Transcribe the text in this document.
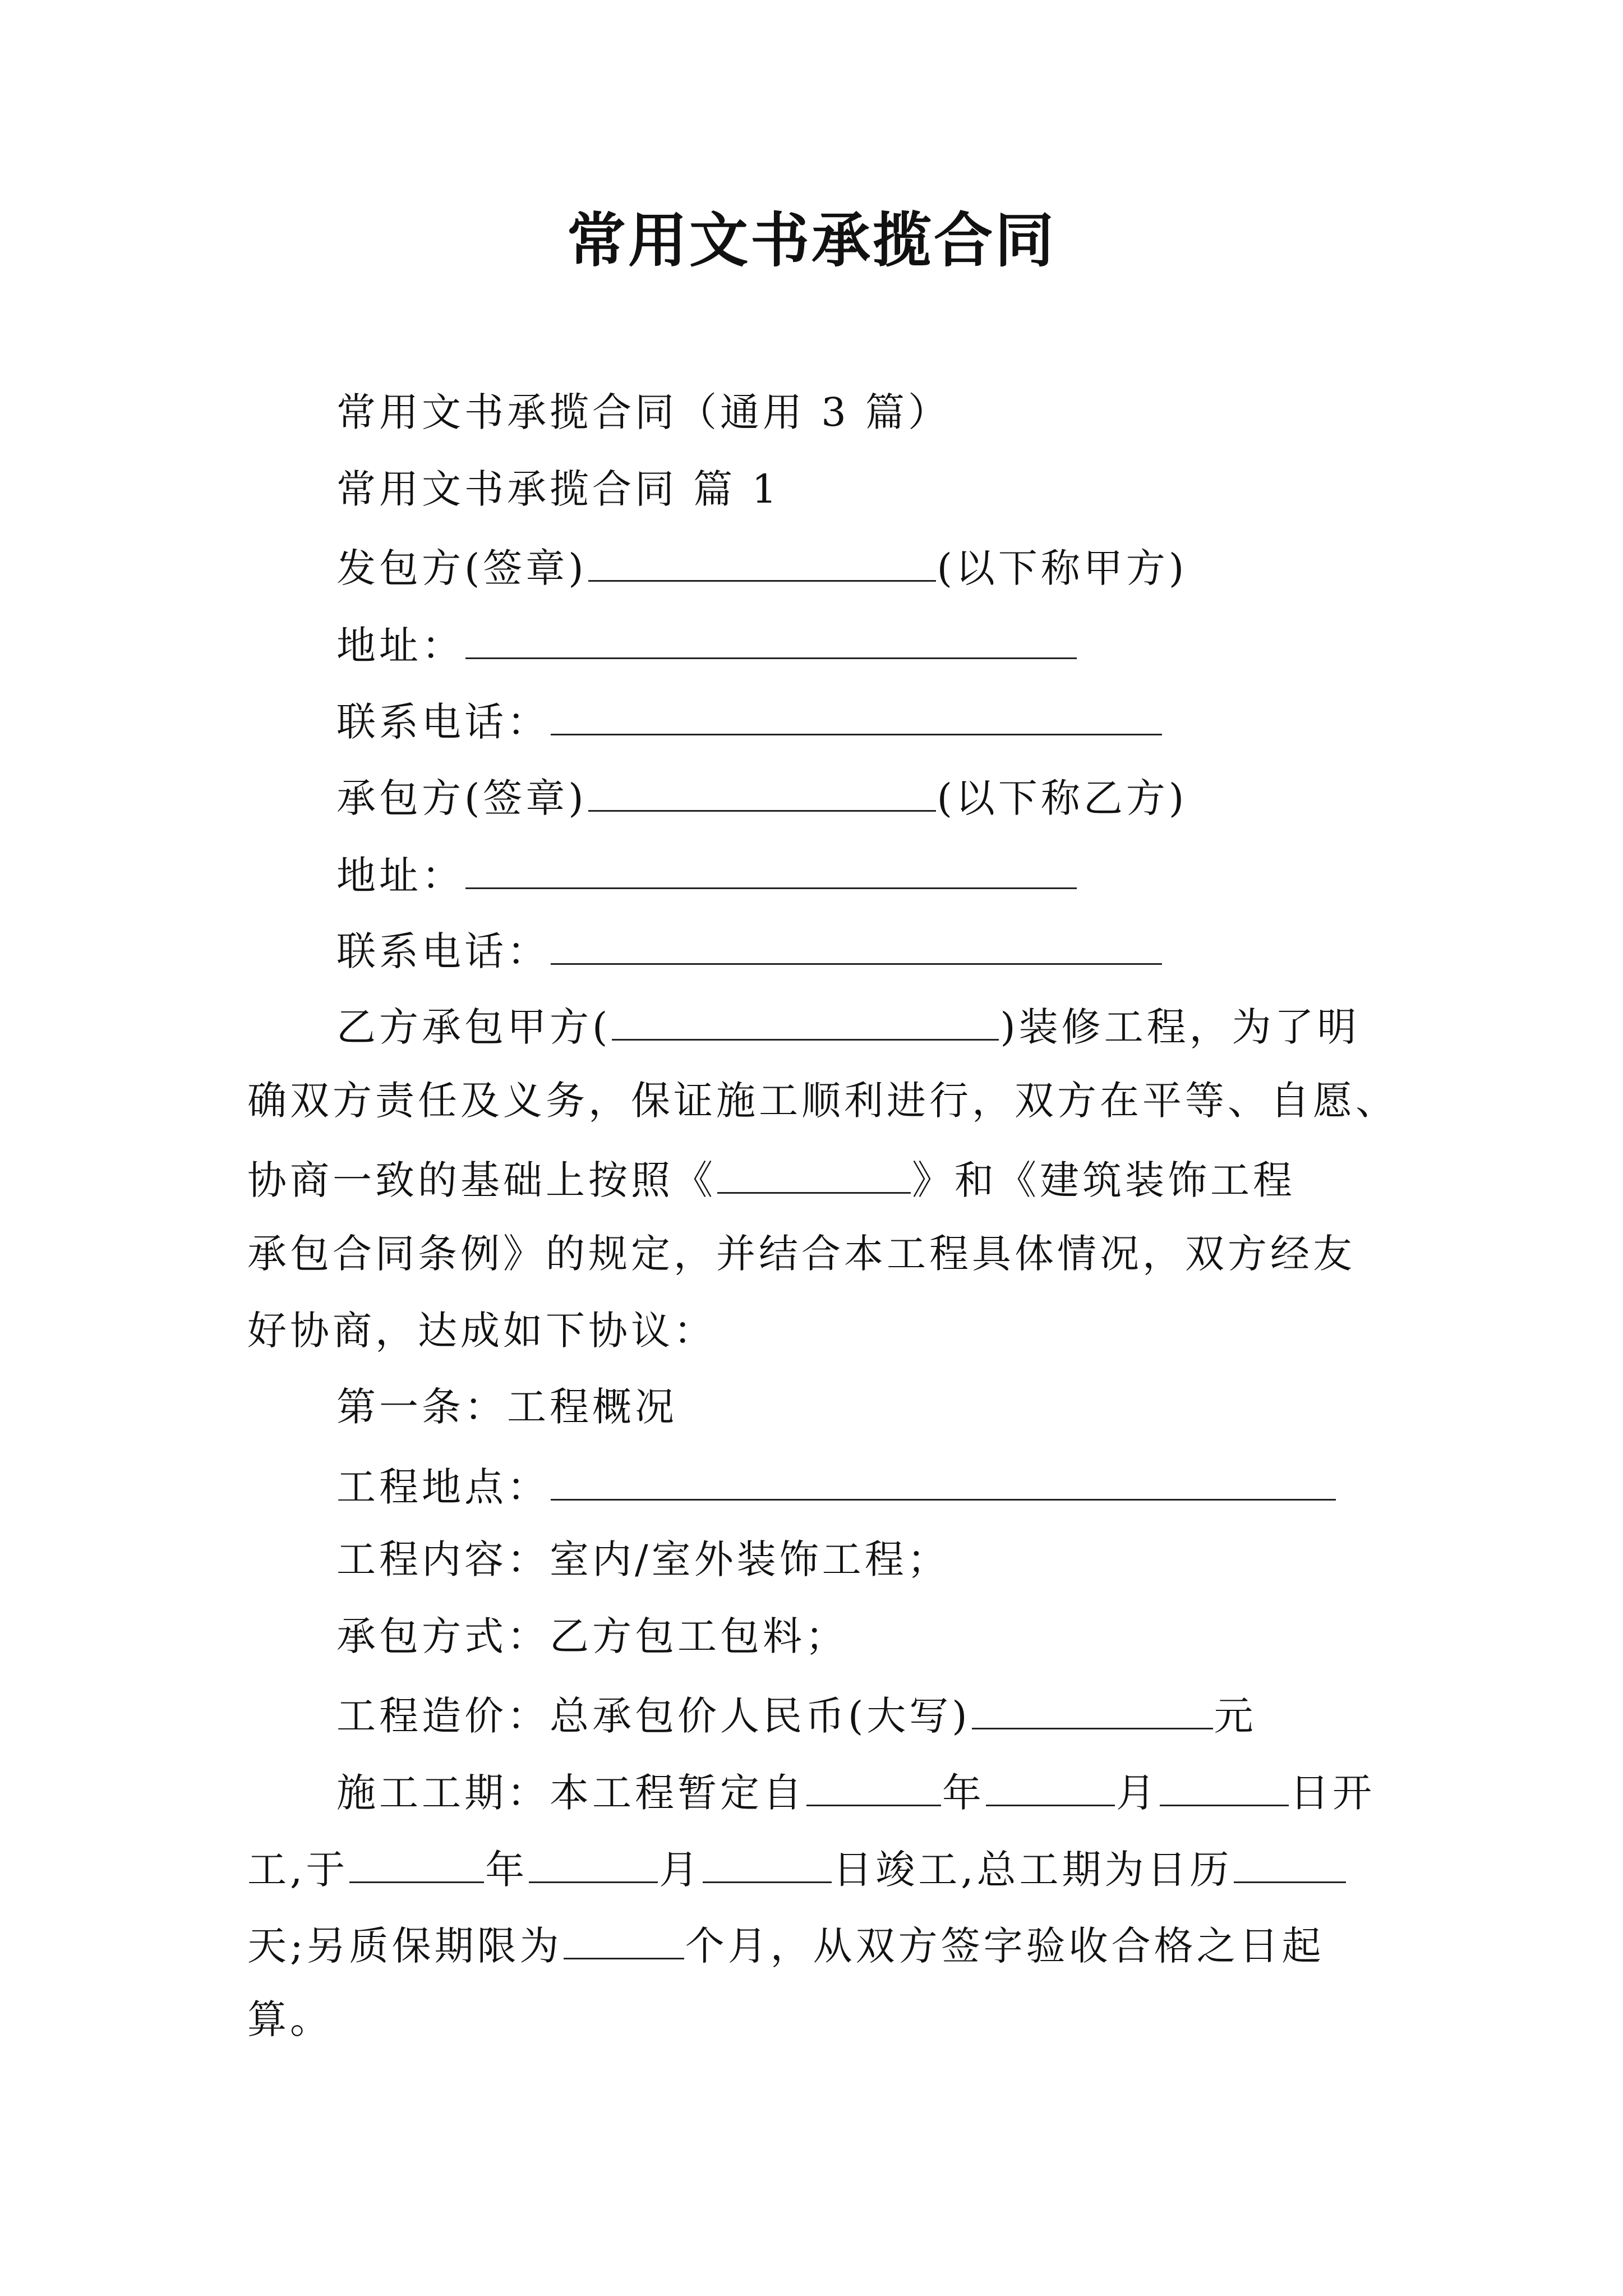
常用文书承揽合同
常用文书承揽合同（通用 3 篇）
常用文书承揽合同 篇 1
发包方(签章)	(以下称甲方)
地址：
联系电话：
承包方(签章)	(以下称乙方)
地址：
联系电话：
乙方承包甲方(	)装修工程，为了明
确双方责任及义务，保证施工顺利进行，双方在平等、自愿、
协商一致的基础上按照《	》和《建筑装饰工程
承包合同条例》的规定，并结合本工程具体情况，双方经友
好协商，达成如下协议：
第一条：工程概况
工程地点：
工程内容：室内/室外装饰工程；
承包方式：乙方包工包料；
工程造价：总承包价人民币(大写)	元
施工工期：本工程暂定自	年	月	日开
工,于	年	月	日竣工,总工期为日历
天;另质保期限为	个月，从双方签字验收合格之日起
算。
